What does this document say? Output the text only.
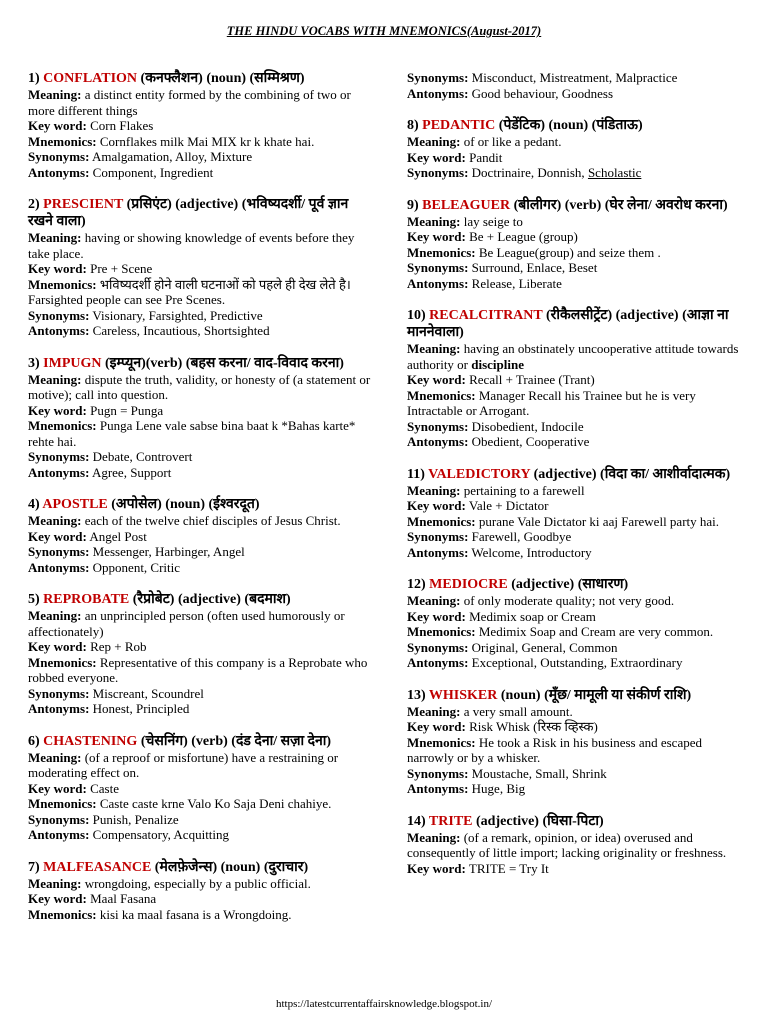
THE HINDU VOCABS WITH MNEMONICS(August-2017)
1) CONFLATION (कनफ्लैशन) (noun) (सम्मिश्रण)
Meaning: a distinct entity formed by the combining of two or more different things
Key word: Corn Flakes
Mnemonics: Cornflakes milk Mai MIX kr k khate hai.
Synonyms: Amalgamation, Alloy, Mixture
Antonyms: Component, Ingredient
2) PRESCIENT (प्रसिएंट) (adjective) (भविष्यदर्शी/ पूर्व ज्ञान रखने वाला)
Meaning: having or showing knowledge of events before they take place.
Key word: Pre + Scene
Mnemonics: भविष्यदर्शी होने वाली घटनाओं को पहले ही देख लेते है। Farsighted people can see Pre Scenes.
Synonyms: Visionary, Farsighted, Predictive
Antonyms: Careless, Incautious, Shortsighted
3) IMPUGN (इम्प्यून)(verb) (बहस करना/ वाद-विवाद करना)
Meaning: dispute the truth, validity, or honesty of (a statement or motive); call into question.
Key word: Pugn = Punga
Mnemonics: Punga Lene vale sabse bina baat k *Bahas karte* rehte hai.
Synonyms: Debate, Controvert
Antonyms: Agree, Support
4) APOSTLE (अपोसेल) (noun) (ईश्वरदूत)
Meaning: each of the twelve chief disciples of Jesus Christ.
Key word: Angel Post
Synonyms: Messenger, Harbinger, Angel
Antonyms: Opponent, Critic
5) REPROBATE (रैप्रोबेट) (adjective) (बदमाश)
Meaning: an unprincipled person (often used humorously or affectionately)
Key word: Rep + Rob
Mnemonics: Representative of this company is a Reprobate who robbed everyone.
Synonyms: Miscreant, Scoundrel
Antonyms: Honest, Principled
6) CHASTENING (चेसनिंग) (verb) (दंड देना/ सज़ा देना)
Meaning: (of a reproof or misfortune) have a restraining or moderating effect on.
Key word: Caste
Mnemonics: Caste caste krne Valo Ko Saja Deni chahiye.
Synonyms: Punish, Penalize
Antonyms: Compensatory, Acquitting
7) MALFEASANCE (मेलफ़ेजेन्स) (noun) (दुराचार)
Meaning: wrongdoing, especially by a public official.
Key word: Maal Fasana
Mnemonics: kisi ka maal fasana is a Wrongdoing.
Synonyms: Misconduct, Mistreatment, Malpractice
Antonyms: Good behaviour, Goodness
8) PEDANTIC (पेडेंटिक) (noun) (पंडिताऊ)
Meaning: of or like a pedant.
Key word: Pandit
Synonyms: Doctrinaire, Donnish, Scholastic
9) BELEAGUER (बीलीगर) (verb) (घेर लेना/ अवरोध करना)
Meaning: lay seige to
Key word: Be + League (group)
Mnemonics: Be League(group) and seize them .
Synonyms: Surround, Enlace, Beset
Antonyms: Release, Liberate
10) RECALCITRANT (रीकैलसीट्रेंट) (adjective) (आज्ञा ना माननेवाला)
Meaning: having an obstinately uncooperative attitude towards authority or discipline
Key word: Recall + Trainee (Trant)
Mnemonics: Manager Recall his Trainee but he is very Intractable or Arrogant.
Synonyms: Disobedient, Indocile
Antonyms: Obedient, Cooperative
11) VALEDICTORY (adjective) (विदा का/ आशीर्वादात्मक)
Meaning: pertaining to a farewell
Key word: Vale + Dictator
Mnemonics: purane Vale Dictator ki aaj Farewell party hai.
Synonyms: Farewell, Goodbye
Antonyms: Welcome, Introductory
12) MEDIOCRE (adjective) (साधारण)
Meaning: of only moderate quality; not very good.
Key word: Medimix soap or Cream
Mnemonics: Medimix Soap and Cream are very common.
Synonyms: Original, General, Common
Antonyms: Exceptional, Outstanding, Extraordinary
13) WHISKER (noun) (मूँछ/ मामूली या संकीर्ण राशि)
Meaning: a very small amount.
Key word: Risk Whisk (रिस्क व्हिस्क)
Mnemonics: He took a Risk in his business and escaped narrowly or by a whisker.
Synonyms: Moustache, Small, Shrink
Antonyms: Huge, Big
14) TRITE (adjective) (घिसा-पिटा)
Meaning: (of a remark, opinion, or idea) overused and consequently of little import; lacking originality or freshness.
Key word: TRITE = Try It
https://latestcurrentaffairsknowledge.blogspot.in/
